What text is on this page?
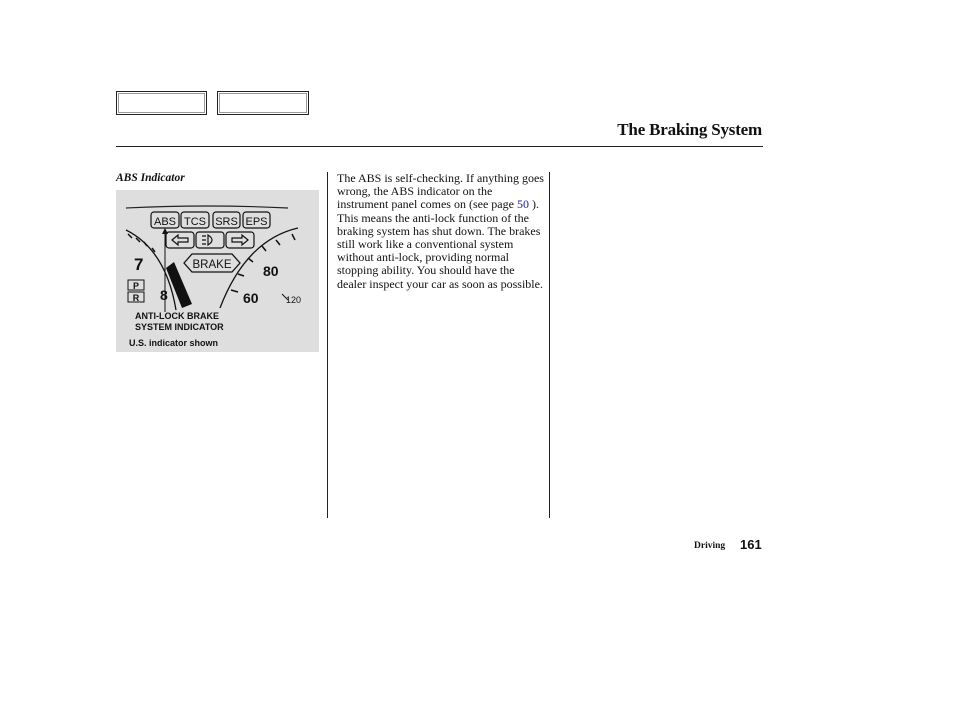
The Braking System
ABS Indicator
ABS TCS SRS EPS
BRAKE
7
8
P
R
80
60	120
ANTI-LOCK BRAKE
SYSTEM INDICATOR
U.S. indicator shown
The ABS is self-checking. If anything goes wrong, the ABS indicator on the instrument panel comes on (see page 50 ). This means the anti-lock function of the braking system has shut down. The brakes still work like a conventional system without anti-lock, providing normal stopping ability. You should have the dealer inspect your car as soon as possible.
Driving 161
